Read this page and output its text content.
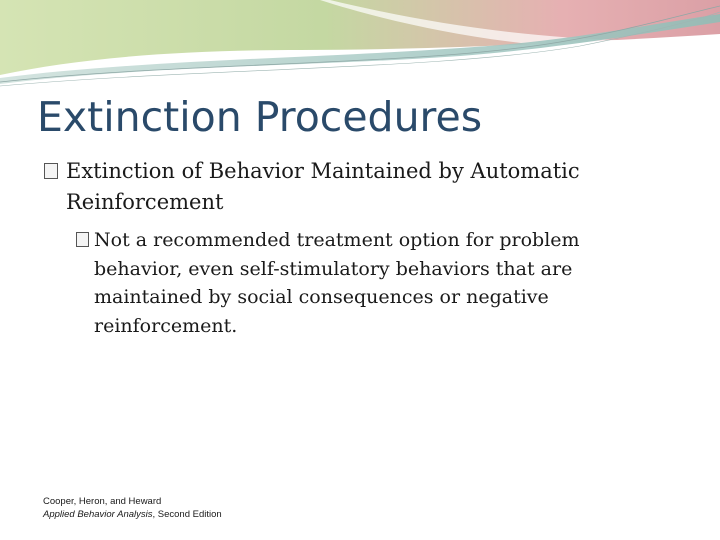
Extinction Procedures
Extinction of Behavior Maintained by Automatic Reinforcement
Not a recommended treatment option for problem behavior, even self-stimulatory behaviors that are maintained by social consequences or negative reinforcement.
Cooper, Heron, and Heward
Applied Behavior Analysis, Second Edition
